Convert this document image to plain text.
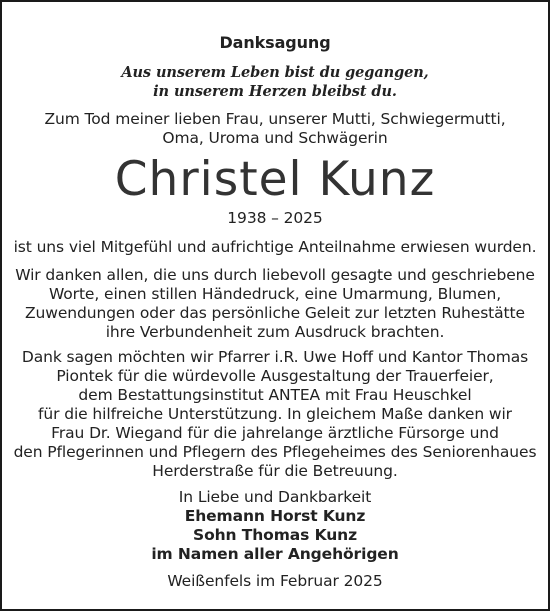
Danksagung

Aus unserem Leben bist du gegangen,

in unserem Herzen bleibst du.

Zum Tod meiner lieben Frau, unserer Mutti, Schwiegermutti,

Oma, Uroma und Schwägerin

Christel Kunz

1938 – 2025

ist uns viel Mitgefühl und aufrichtige Anteilnahme erwiesen wurden.

Wir danken allen, die uns durch liebevoll gesagte und geschriebene

Worte, einen stillen Händedruck, eine Umarmung, Blumen,

Zuwendungen oder das persönliche Geleit zur letzten Ruhestätte

ihre Verbundenheit zum Ausdruck brachten.

Dank sagen möchten wir Pfarrer i.R. Uwe Hoff und Kantor Thomas

Piontek für die würdevolle Ausgestaltung der Trauerfeier,

dem Bestattungsinstitut ANTEA mit Frau Heuschkel

für die hilfreiche Unterstützung. In gleichem Maße danken wir

Frau Dr. Wiegand für die jahrelange ärztliche Fürsorge und

den Pflegerinnen und Pflegern des Pflegeheimes des Seniorenhaues

Herderstraße für die Betreuung.

In Liebe und Dankbarkeit

Ehemann Horst Kunz

Sohn Thomas Kunz

im Namen aller Angehörigen

Weißenfels im Februar 2025
